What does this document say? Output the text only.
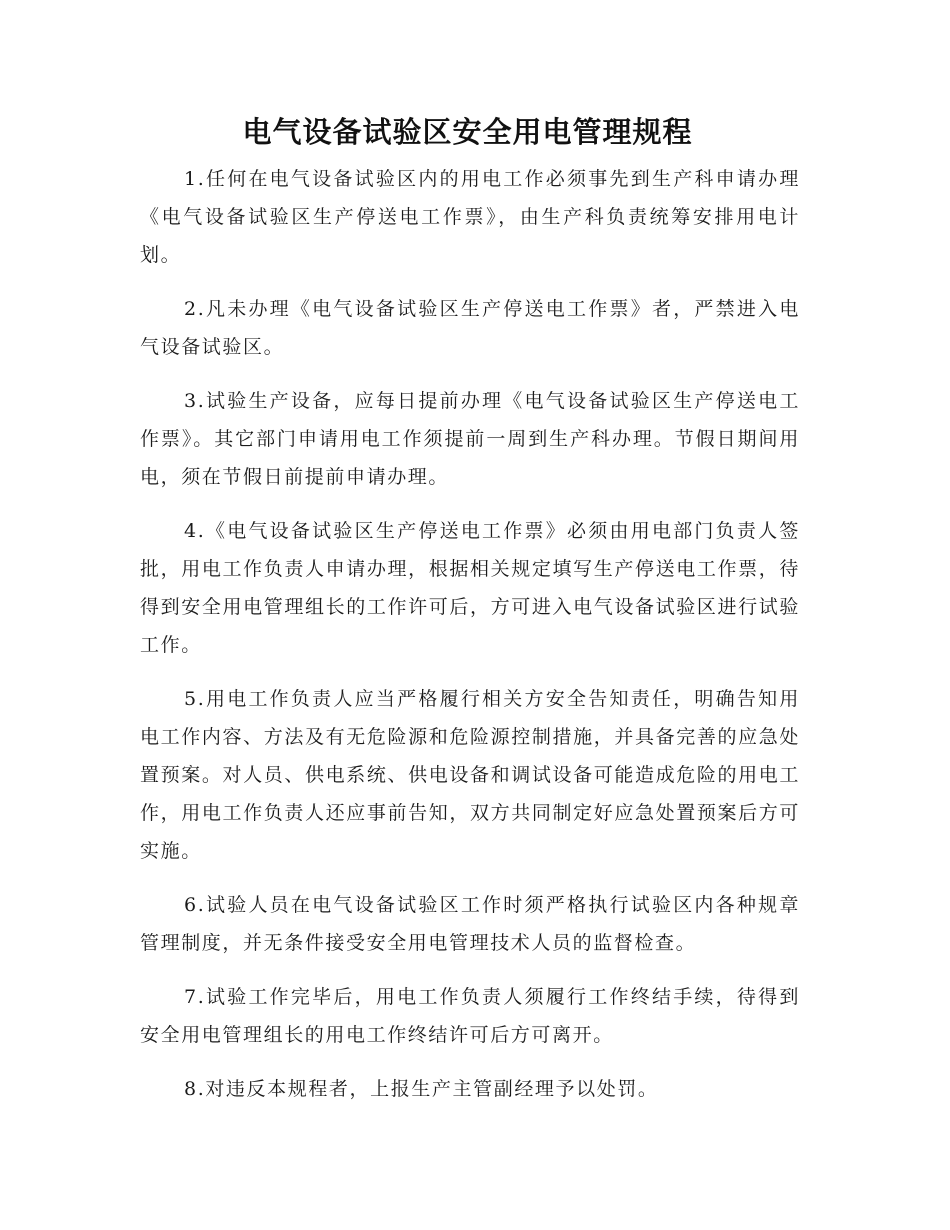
电气设备试验区安全用电管理规程

1.任何在电气设备试验区内的用电工作必须事先到生产科申请办理《电气设备试验区生产停送电工作票》，由生产科负责统筹安排用电计划。

2.凡未办理《电气设备试验区生产停送电工作票》者，严禁进入电气设备试验区。

3.试验生产设备，应每日提前办理《电气设备试验区生产停送电工作票》。其它部门申请用电工作须提前一周到生产科办理。节假日期间用电，须在节假日前提前申请办理。

4.《电气设备试验区生产停送电工作票》必须由用电部门负责人签批，用电工作负责人申请办理，根据相关规定填写生产停送电工作票，待得到安全用电管理组长的工作许可后，方可进入电气设备试验区进行试验工作。

5.用电工作负责人应当严格履行相关方安全告知责任，明确告知用电工作内容、方法及有无危险源和危险源控制措施，并具备完善的应急处置预案。对人员、供电系统、供电设备和调试设备可能造成危险的用电工作，用电工作负责人还应事前告知，双方共同制定好应急处置预案后方可实施。

6.试验人员在电气设备试验区工作时须严格执行试验区内各种规章管理制度，并无条件接受安全用电管理技术人员的监督检查。

7.试验工作完毕后，用电工作负责人须履行工作终结手续，待得到安全用电管理组长的用电工作终结许可后方可离开。

8.对违反本规程者，上报生产主管副经理予以处罚。
